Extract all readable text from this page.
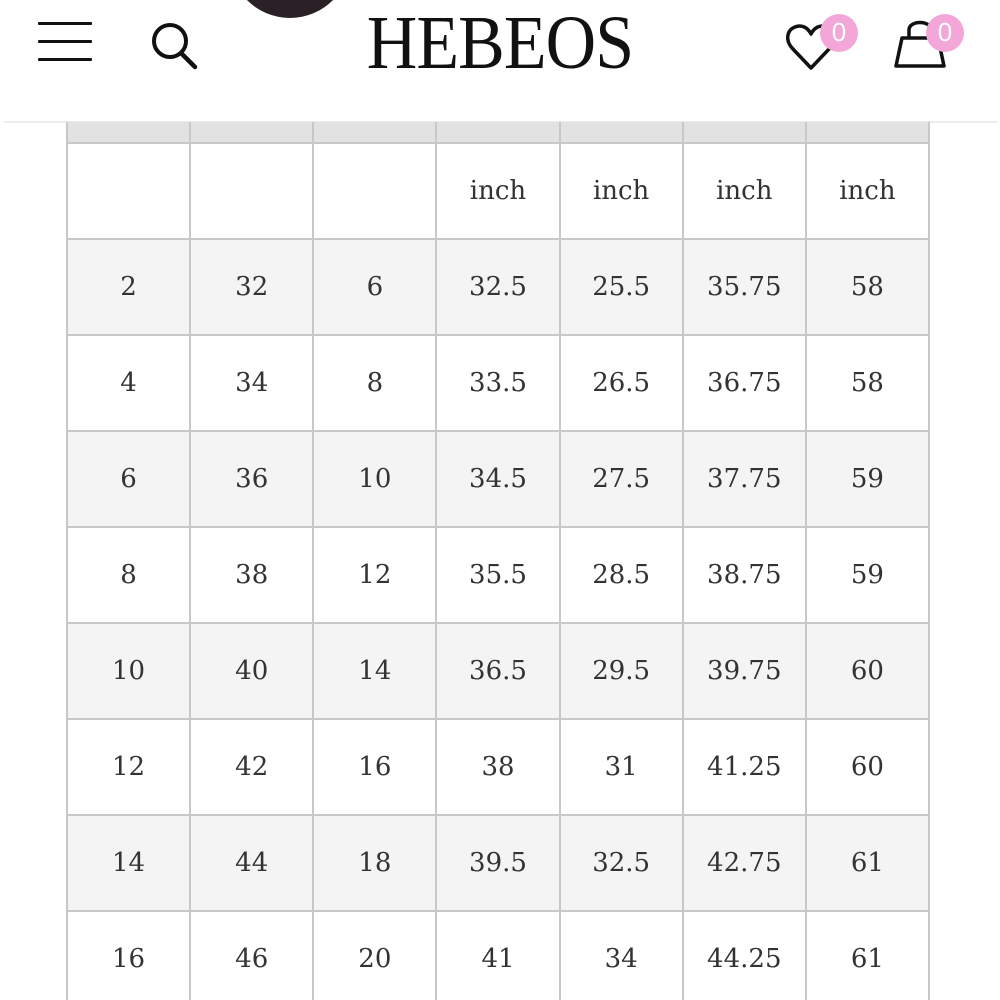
HEBEOS	0	0

			inch	inch	inch	inch
2	32	6	32.5	25.5	35.75	58
4	34	8	33.5	26.5	36.75	58
6	36	10	34.5	27.5	37.75	59
8	38	12	35.5	28.5	38.75	59
10	40	14	36.5	29.5	39.75	60
12	42	16	38	31	41.25	60
14	44	18	39.5	32.5	42.75	61
16	46	20	41	34	44.25	61
